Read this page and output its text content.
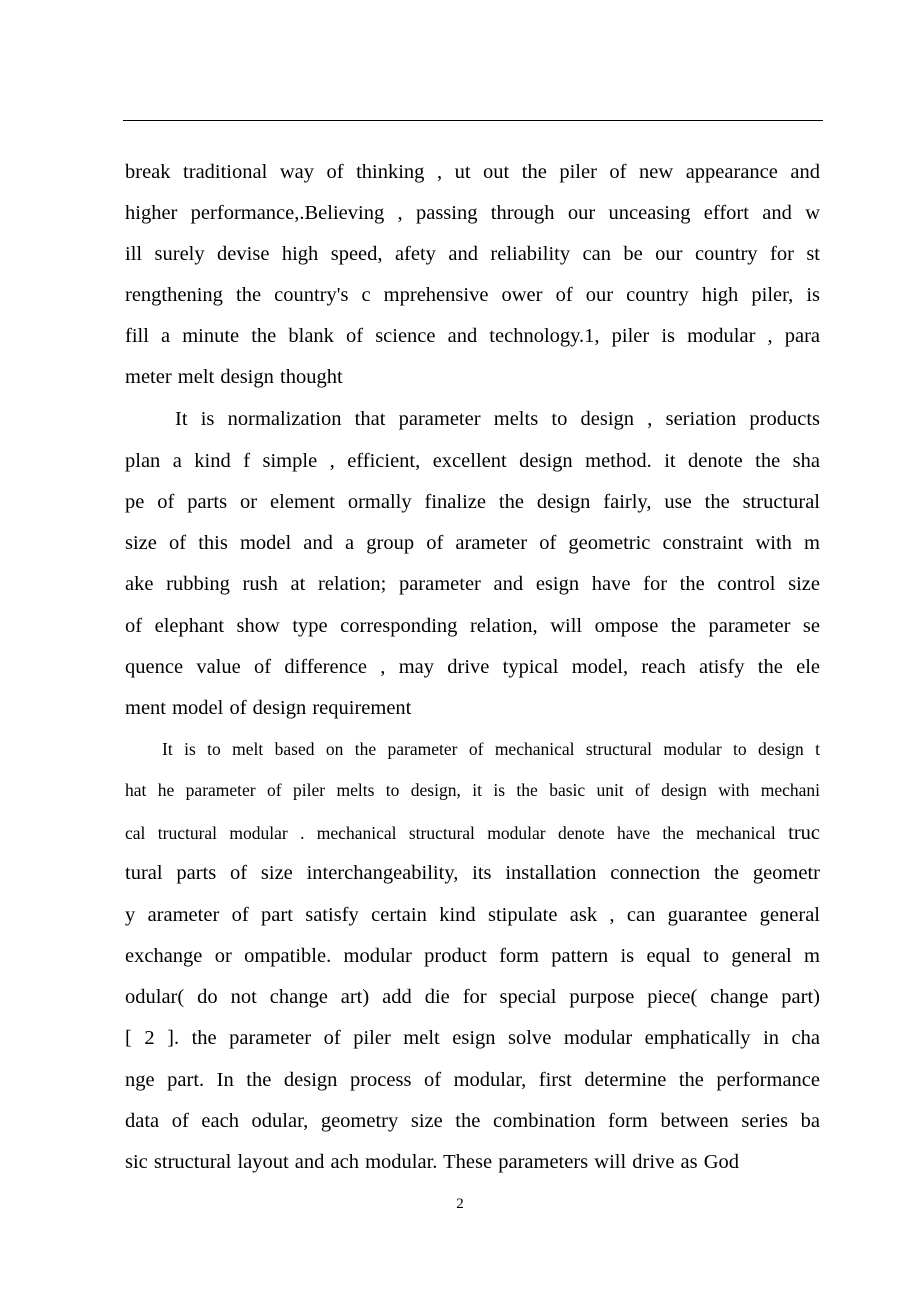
break traditional way of thinking , ut out the piler of new appearance and
higher performance,.Believing , passing through our unceasing effort and w
ill surely devise high speed, afety and reliability can be our country for st
rengthening the country's c mprehensive ower of our country high piler, is
fill a minute the blank of science and technology.1, piler is modular , para
meter melt design thought
It is normalization that parameter melts to design , seriation products
plan a kind f simple , efficient, excellent design method. it denote the sha
pe of parts or element ormally finalize the design fairly, use the structural
size of this model and a group of arameter of geometric constraint with m
ake rubbing rush at relation; parameter and esign have for the control size
of elephant show type corresponding relation, will ompose the parameter se
quence value of difference , may drive typical model, reach atisfy the ele
ment model of design requirement
It is to melt based on the parameter of mechanical structural modular to design t
hat he parameter of piler melts to design, it is the basic unit of design with mechani
cal tructural modular . mechanical structural modular denote have the mechanical truc
tural parts of size interchangeability, its installation connection the geometr
y arameter of part satisfy certain kind stipulate ask , can guarantee general
exchange or ompatible. modular product form pattern is equal to general m
odular( do not change art) add die for special purpose piece( change part)
[ 2 ]. the parameter of piler melt esign solve modular emphatically in cha
nge part. In the design process of modular, first determine the performance
data of each odular, geometry size the combination form between series ba
sic structural layout and ach modular. These parameters will drive as God
2
